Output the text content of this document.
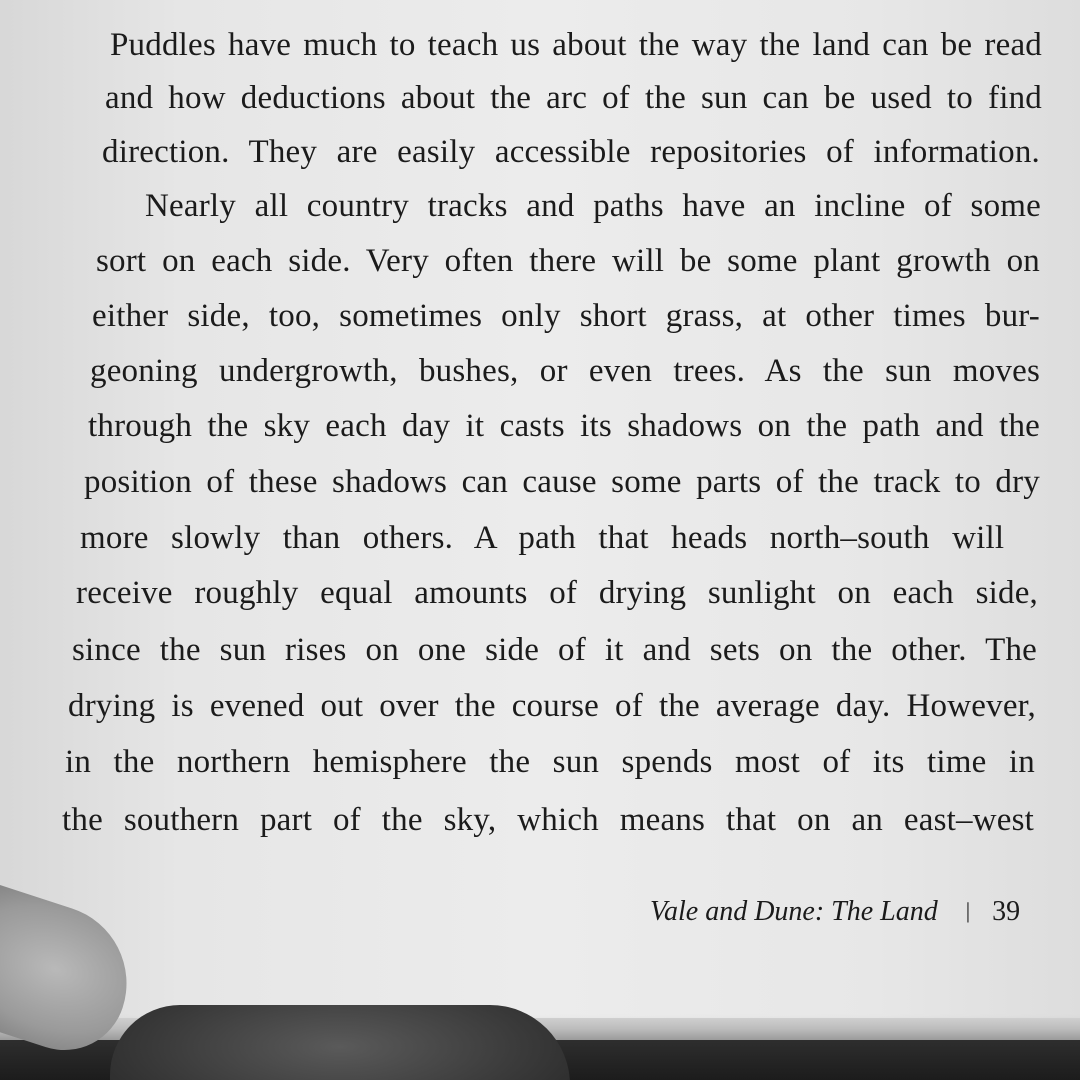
Puddles have much to teach us about the way the land can be read
and how deductions about the arc of the sun can be used to find
direction. They are easily accessible repositories of information.
Nearly all country tracks and paths have an incline of some
sort on each side. Very often there will be some plant growth on
either side, too, sometimes only short grass, at other times bur-
geoning undergrowth, bushes, or even trees. As the sun moves
through the sky each day it casts its shadows on the path and the
position of these shadows can cause some parts of the track to dry
more slowly than others. A path that heads north–south will
receive roughly equal amounts of drying sunlight on each side,
since the sun rises on one side of it and sets on the other. The
drying is evened out over the course of the average day. However,
in the northern hemisphere the sun spends most of its time in
the southern part of the sky, which means that on an east–west
Vale and Dune: The Land | 39
